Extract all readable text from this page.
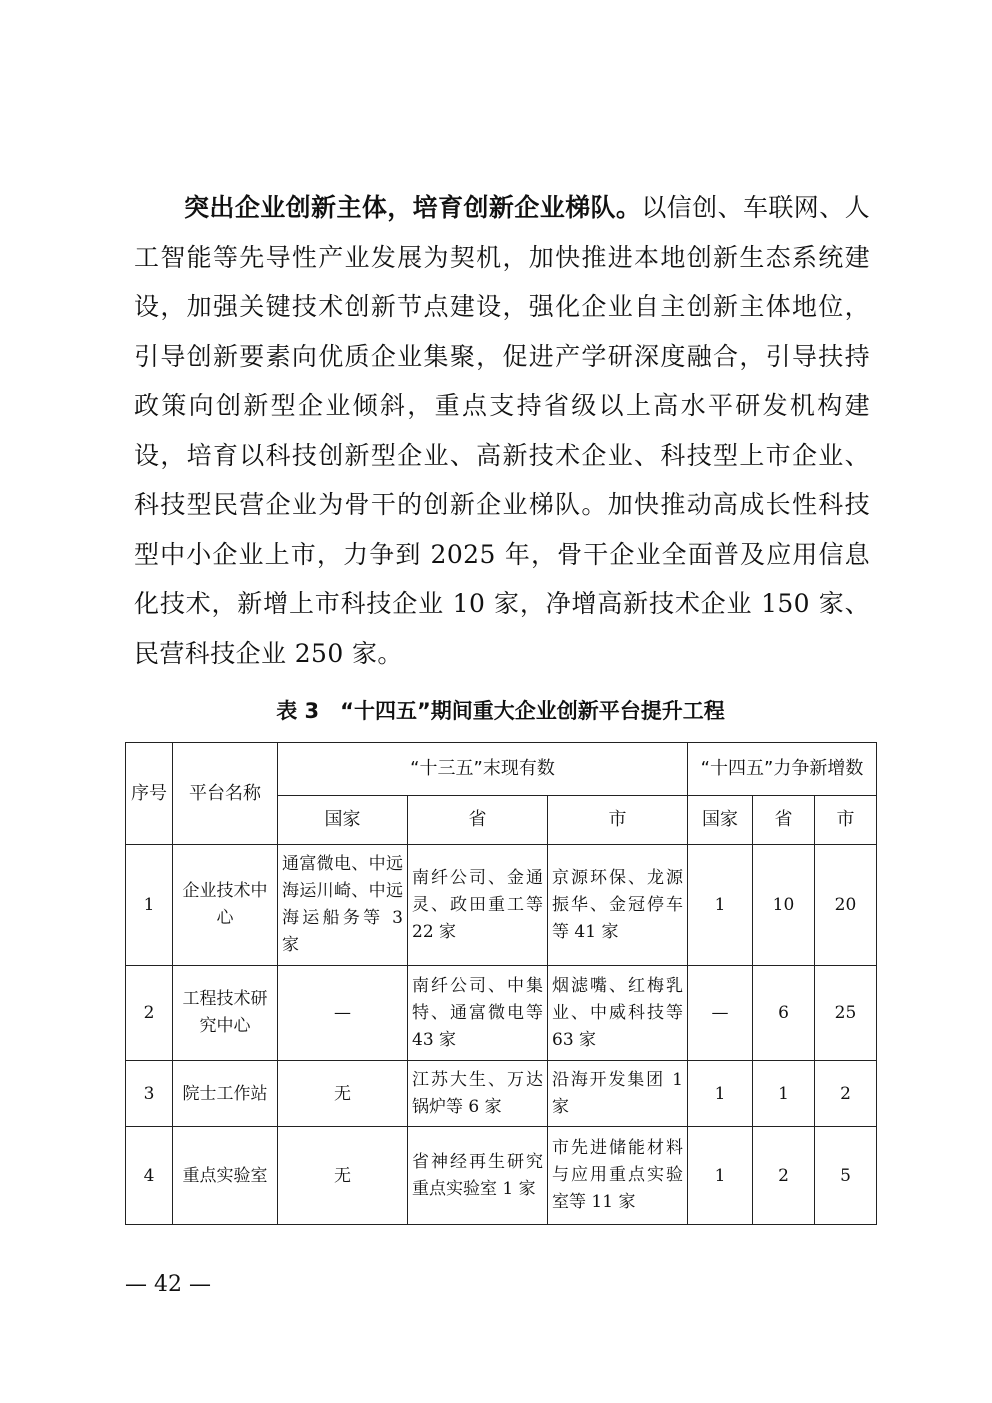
突出企业创新主体，培育创新企业梯队。以信创、车联网、人工智能等先导性产业发展为契机，加快推进本地创新生态系统建设，加强关键技术创新节点建设，强化企业自主创新主体地位，引导创新要素向优质企业集聚，促进产学研深度融合，引导扶持政策向创新型企业倾斜，重点支持省级以上高水平研发机构建设，培育以科技创新型企业、高新技术企业、科技型上市企业、科技型民营企业为骨干的创新企业梯队。加快推动高成长性科技型中小企业上市，力争到 2025 年，骨干企业全面普及应用信息化技术，新增上市科技企业 10 家，净增高新技术企业 150 家、民营科技企业 250 家。

表 3　“十四五”期间重大企业创新平台提升工程

序号	平台名称	“十三五”末现有数			“十四五”力争新增数		
		国家	省	市	国家	省	市
1	企业技术中心	通富微电、中远海运川崎、中远海运船务等 3 家	南纤公司、金通灵、政田重工等 22 家	京源环保、龙源振华、金冠停车等 41 家	1	10	20
2	工程技术研究中心	—	南纤公司、中集特、通富微电等 43 家	烟滤嘴、红梅乳业、中威科技等 63 家	—	6	25
3	院士工作站	无	江苏大生、万达锅炉等 6 家	沿海开发集团 1 家	1	1	2
4	重点实验室	无	省神经再生研究重点实验室 1 家	市先进储能材料与应用重点实验室等 11 家	1	2	5

— 42 —
